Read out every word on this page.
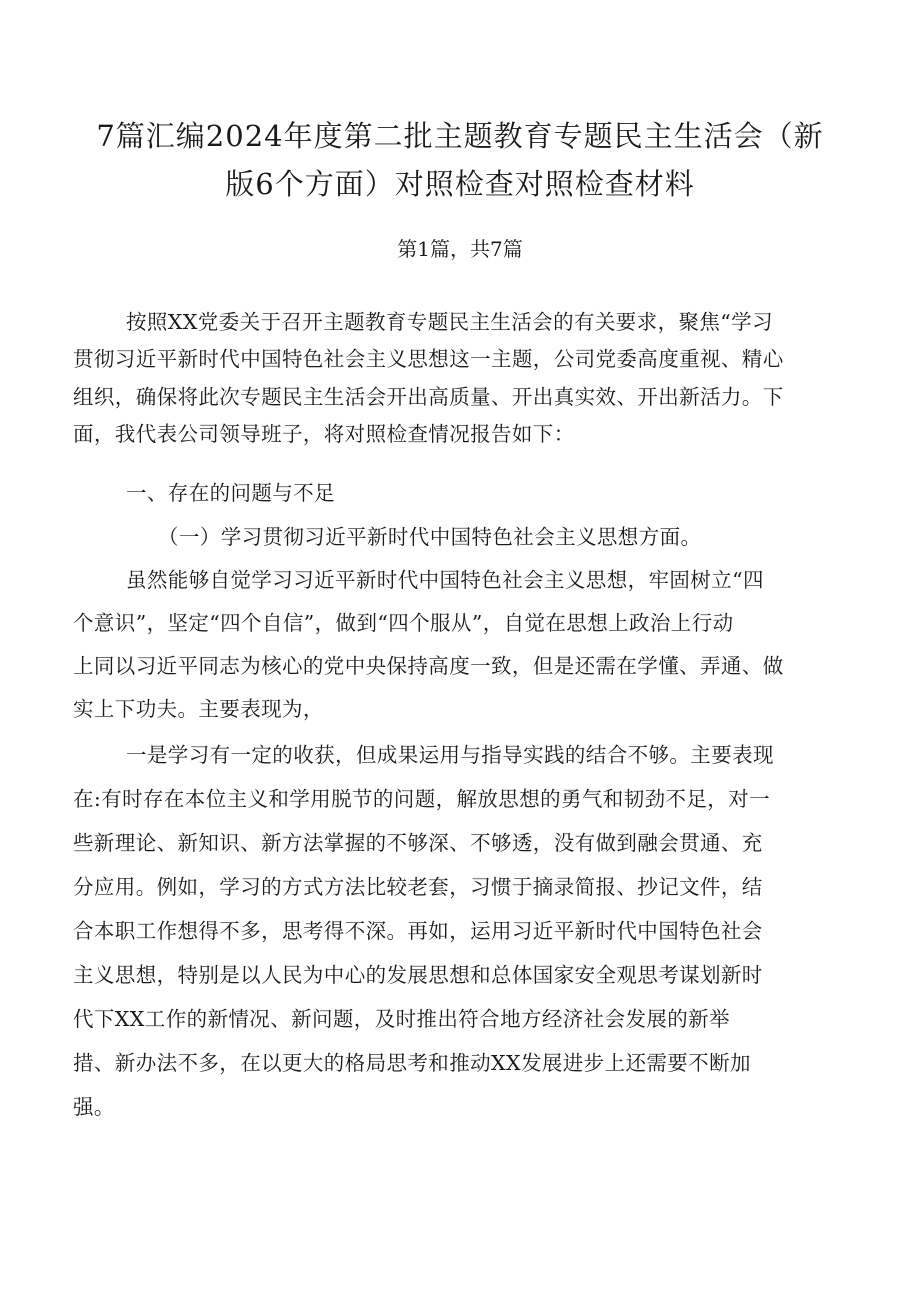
7篇汇编2024年度第二批主题教育专题民主生活会（新
版6个方面）对照检查对照检查材料
第1篇，共7篇
按照XX党委关于召开主题教育专题民主生活会的有关要求，聚焦“学习
贯彻习近平新时代中国特色社会主义思想这一主题，公司党委高度重视、精心
组织，确保将此次专题民主生活会开出高质量、开出真实效、开出新活力。下
面，我代表公司领导班子，将对照检查情况报告如下：
一、存在的问题与不足
（一）学习贯彻习近平新时代中国特色社会主义思想方面。
虽然能够自觉学习习近平新时代中国特色社会主义思想，牢固树立“四
个意识”，坚定“四个自信”，做到“四个服从”，自觉在思想上政治上行动
上同以习近平同志为核心的党中央保持高度一致，但是还需在学懂、弄通、做
实上下功夫。主要表现为，
一是学习有一定的收获，但成果运用与指导实践的结合不够。主要表现
在:有时存在本位主义和学用脱节的问题，解放思想的勇气和韧劲不足，对一
些新理论、新知识、新方法掌握的不够深、不够透，没有做到融会贯通、充
分应用。例如，学习的方式方法比较老套，习惯于摘录简报、抄记文件，结
合本职工作想得不多，思考得不深。再如，运用习近平新时代中国特色社会
主义思想，特别是以人民为中心的发展思想和总体国家安全观思考谋划新时
代下XX工作的新情况、新问题，及时推出符合地方经济社会发展的新举
措、新办法不多，在以更大的格局思考和推动XX发展进步上还需要不断加
强。
